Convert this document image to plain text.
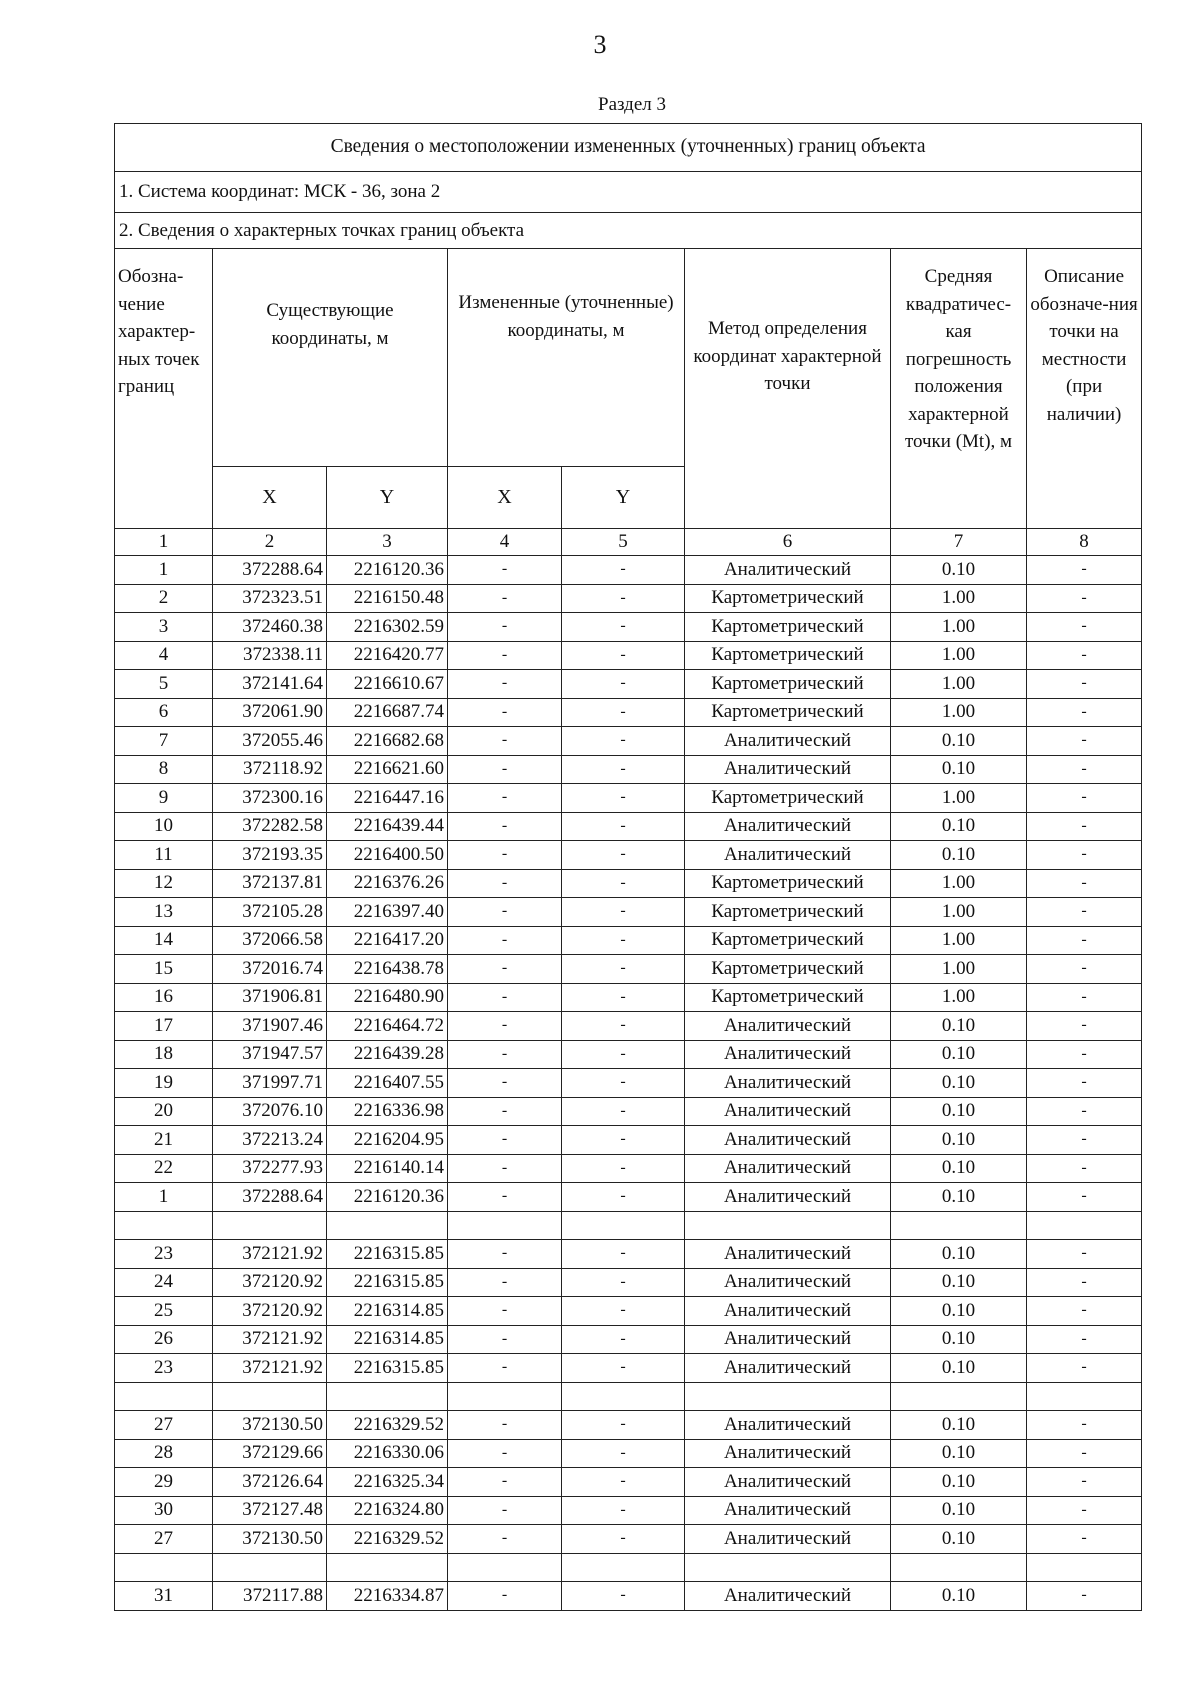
3
Раздел 3
Сведения о местоположении измененных (уточненных) границ объекта							
1. Система координат: МСК - 36, зона 2							
2. Сведения о характерных точках границ объекта							
Обозна-чение характер-ных точек границ	Существующие координаты, м		Измененные (уточненные) координаты, м		Метод определения координат характерной точки	Средняя квадратичес-кая погрешность положения характерной точки (Mt), м	Описание обозначе-ния точки на местности (при наличии)
	X	Y	X	Y			
1	2	3	4	5	6	7	8
1	372288.64	2216120.36	-	-	Аналитический	0.10	-
2	372323.51	2216150.48	-	-	Картометрический	1.00	-
3	372460.38	2216302.59	-	-	Картометрический	1.00	-
4	372338.11	2216420.77	-	-	Картометрический	1.00	-
5	372141.64	2216610.67	-	-	Картометрический	1.00	-
6	372061.90	2216687.74	-	-	Картометрический	1.00	-
7	372055.46	2216682.68	-	-	Аналитический	0.10	-
8	372118.92	2216621.60	-	-	Аналитический	0.10	-
9	372300.16	2216447.16	-	-	Картометрический	1.00	-
10	372282.58	2216439.44	-	-	Аналитический	0.10	-
11	372193.35	2216400.50	-	-	Аналитический	0.10	-
12	372137.81	2216376.26	-	-	Картометрический	1.00	-
13	372105.28	2216397.40	-	-	Картометрический	1.00	-
14	372066.58	2216417.20	-	-	Картометрический	1.00	-
15	372016.74	2216438.78	-	-	Картометрический	1.00	-
16	371906.81	2216480.90	-	-	Картометрический	1.00	-
17	371907.46	2216464.72	-	-	Аналитический	0.10	-
18	371947.57	2216439.28	-	-	Аналитический	0.10	-
19	371997.71	2216407.55	-	-	Аналитический	0.10	-
20	372076.10	2216336.98	-	-	Аналитический	0.10	-
21	372213.24	2216204.95	-	-	Аналитический	0.10	-
22	372277.93	2216140.14	-	-	Аналитический	0.10	-
1	372288.64	2216120.36	-	-	Аналитический	0.10	-

23	372121.92	2216315.85	-	-	Аналитический	0.10	-
24	372120.92	2216315.85	-	-	Аналитический	0.10	-
25	372120.92	2216314.85	-	-	Аналитический	0.10	-
26	372121.92	2216314.85	-	-	Аналитический	0.10	-
23	372121.92	2216315.85	-	-	Аналитический	0.10	-

27	372130.50	2216329.52	-	-	Аналитический	0.10	-
28	372129.66	2216330.06	-	-	Аналитический	0.10	-
29	372126.64	2216325.34	-	-	Аналитический	0.10	-
30	372127.48	2216324.80	-	-	Аналитический	0.10	-
27	372130.50	2216329.52	-	-	Аналитический	0.10	-

31	372117.88	2216334.87	-	-	Аналитический	0.10	-
